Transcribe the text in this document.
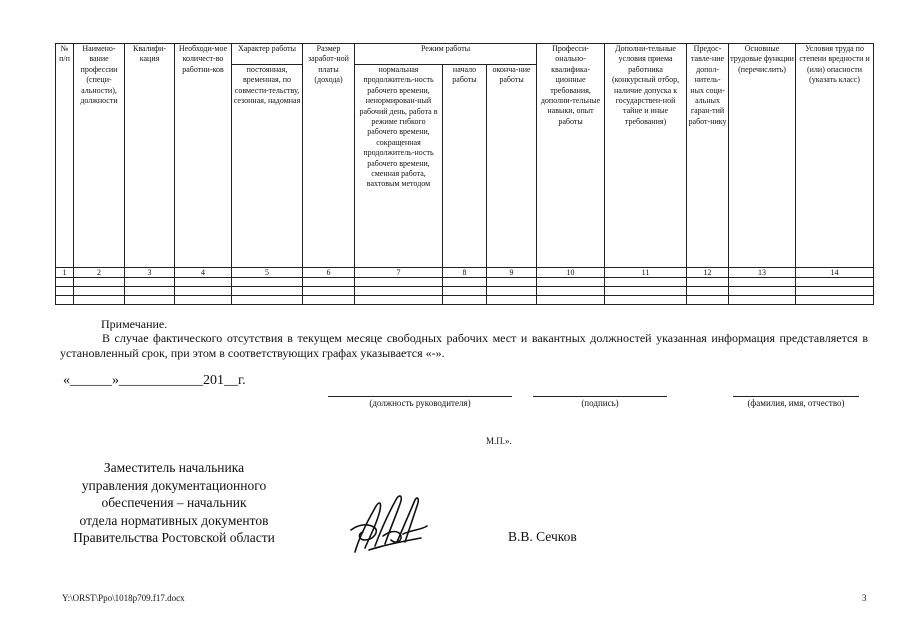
№ п/п	Наимено-вание профессии (специ-альности), должности	Квалифи-кация	Необходи-мое количест-во работни-ков	Характер работы	Размер заработ-ной платы (дохода)	Режим работы			Професси-онально-квалифика-ционные требования, дополни-тельные навыки, опыт работы	Дополни-тельные условия приема работника (конкурсный отбор, наличие допуска к государствен-ной тайне и иные требования)	Предос-тавле-ние допол-нитель-ных соци-альных гаран-тий работ-нику	Основные трудовые функции (перечислить)	Условия труда по степени вредности и (или) опасности (указать класс)
				постоянная, временная, по совмести-тельству, сезонная, надомная		нормальная продолжитель-ность рабочего времени, ненормирован-ный рабочий день, работа в режиме гибкого рабочего времени, сокращенная продолжитель-ность рабочего времени, сменная работа, вахтовым методом	начало работы	оконча-ние работы					
1	2	3	4	5	6	7	8	9	10	11	12	13	14

Примечание.
В случае фактического отсутствия в текущем месяце свободных рабочих мест и вакантных должностей указанная информация представляется в установленный срок, при этом в соответствующих графах указывается «-».
«______»____________201__г.
(должность руководителя)	(подпись)	(фамилия, имя, отчество)
М.П.».
Заместитель начальника
управления документационного
обеспечения – начальник
отдела нормативных документов
Правительства Ростовской области	В.В. Сечков
Y:\ORST\Ppo\1018p709.f17.docx	3
